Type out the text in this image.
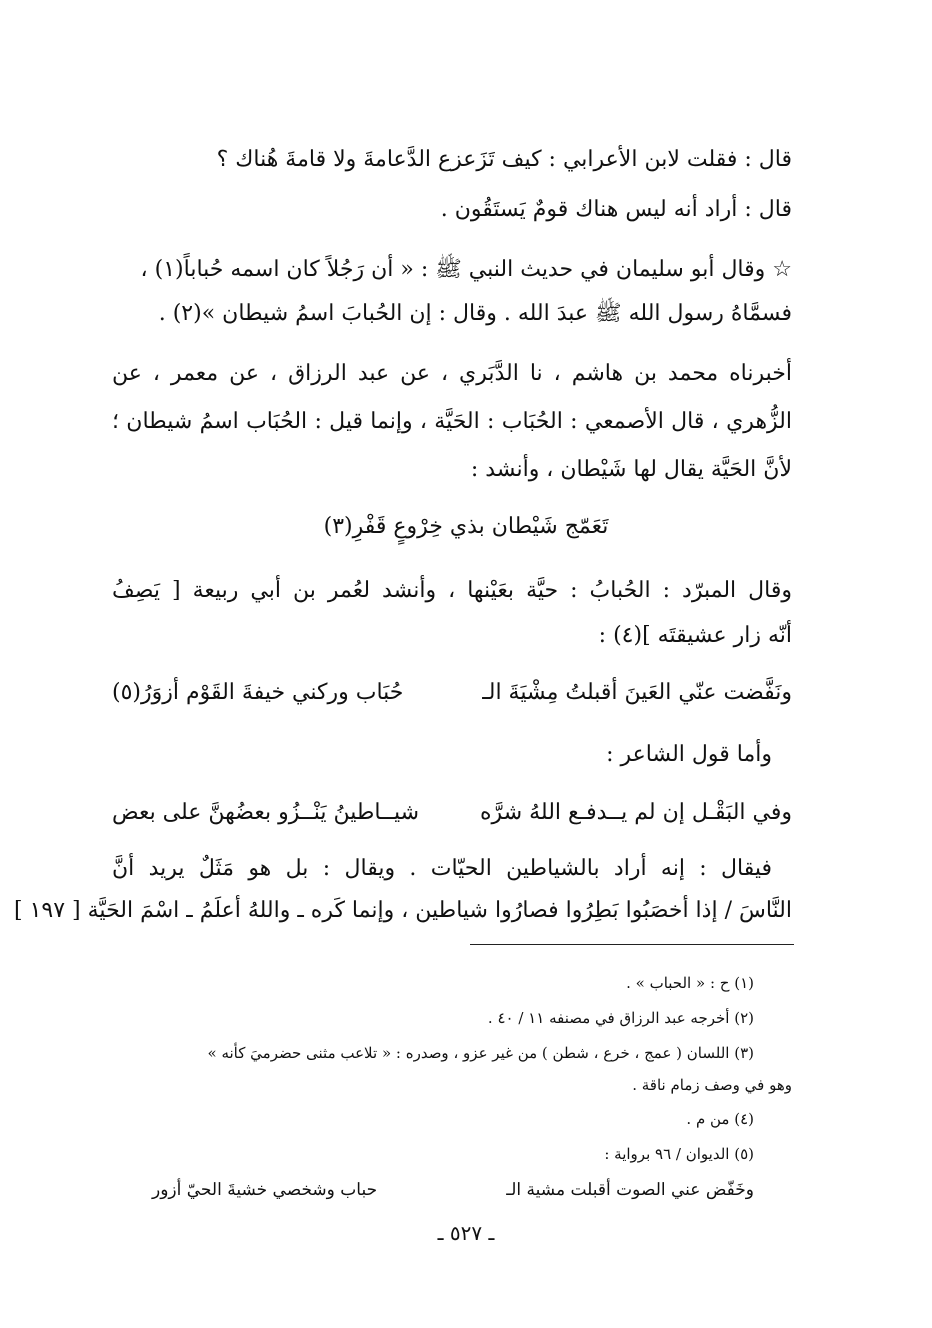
قال : فقلت لابن الأعرابي : كيف تَزَعزع الدَّعامةَ ولا قامةَ هُناك ؟
قال : أراد أنه ليس هناك قومٌ يَستَقُون .
☆ وقال أبو سليمان في حديث النبي ﷺ : « أن رَجُلاً كان اسمه حُباباً(١) ،
فسمَّاهُ رسول الله ﷺ عبدَ الله . وقال : إن الحُبابَ اسمُ شيطان »(٢) .
أخبرناه محمد بن هاشم ، نا الدَّبَري ، عن عبد الرزاق ، عن معمر ، عن
الزُّهري ، قال الأصمعي : الحُبَاب : الحَيَّة ، وإنما قيل : الحُبَاب اسمُ شيطان ؛
لأنَّ الحَيَّة يقال لها شَيْطان ، وأنشد :
تَعَمّج شَيْطان بذي خِرْوعٍ قَفْرِ(٣)
وقال المبرّد : الحُبابُ : حيَّة بعَيْنها ، وأنشد لعُمر بن أبي ربيعة [ يَصِفُ
أنّه زار عشيقتَه ](٤) :
ونَفَّضت عنّي العَينَ أقبلتُ مِشْيَةَ الـ
حُبَاب وركني خيفةَ القَوْم أزوَرُ(٥)
وأما قول الشاعر :
وفي البَقْـل إن لم يــدفـع اللهُ شرَّه
شيــاطينُ يَنْــزُو بعضُهنَّ على بعض
فيقال : إنه أراد بالشياطين الحيّات . ويقال : بل هو مَثَلٌ يريد أنَّ
النَّاسَ / إذا أخصَبُوا بَطِرُوا فصارُوا شياطين ، وإنما كَره ـ واللهُ أعلَمُ ـ اسْمَ الحَيَّة [ ١٩٧ ]
(١) ح : « الحباب » .
(٢) أخرجه عبد الرزاق في مصنفه ١١ / ٤٠ .
(٣) اللسان ( عمج ، خرع ، شطن ) من غير عزو ، وصدره : « تلاعب مثنى حضرميَ كأنه »
وهو في وصف زمام ناقة .
(٤) من م .
(٥) الديوان / ٩٦ برواية :
وخَفّض عني الصوت أقبلت مشية الـ
حباب وشخصي خشيةَ الحيّ أزور
ـ ٥٢٧ ـ
